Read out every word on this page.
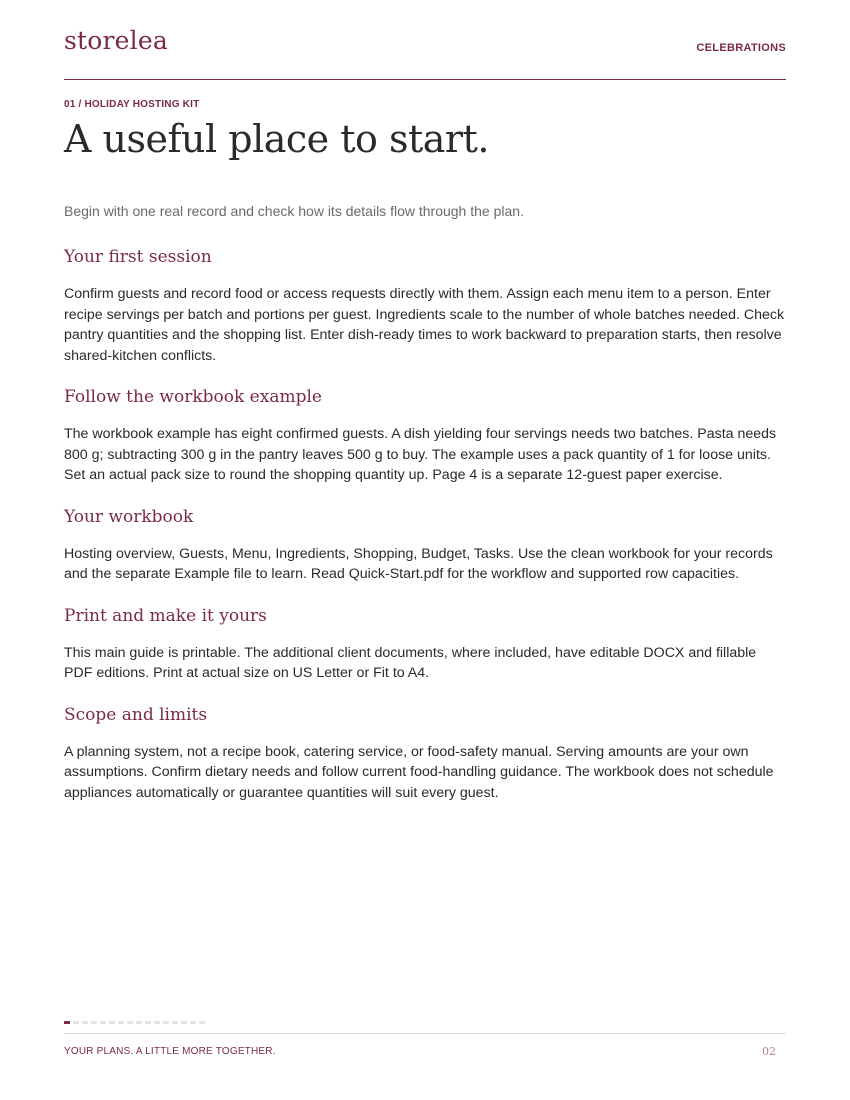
storelea	CELEBRATIONS
01 / HOLIDAY HOSTING KIT
A useful place to start.

Begin with one real record and check how its details flow through the plan.

Your first session

Confirm guests and record food or access requests directly with them. Assign each menu item to a person. Enter recipe servings per batch and portions per guest. Ingredients scale to the number of whole batches needed. Check pantry quantities and the shopping list. Enter dish-ready times to work backward to preparation starts, then resolve shared-kitchen conflicts.

Follow the workbook example

The workbook example has eight confirmed guests. A dish yielding four servings needs two batches. Pasta needs 800 g; subtracting 300 g in the pantry leaves 500 g to buy. The example uses a pack quantity of 1 for loose units. Set an actual pack size to round the shopping quantity up. Page 4 is a separate 12-guest paper exercise.

Your workbook

Hosting overview, Guests, Menu, Ingredients, Shopping, Budget, Tasks. Use the clean workbook for your records and the separate Example file to learn. Read Quick-Start.pdf for the workflow and supported row capacities.

Print and make it yours

This main guide is printable. The additional client documents, where included, have editable DOCX and fillable PDF editions. Print at actual size on US Letter or Fit to A4.

Scope and limits

A planning system, not a recipe book, catering service, or food-safety manual. Serving amounts are your own assumptions. Confirm dietary needs and follow current food-handling guidance. The workbook does not schedule appliances automatically or guarantee quantities will suit every guest.

YOUR PLANS. A LITTLE MORE TOGETHER.	02
